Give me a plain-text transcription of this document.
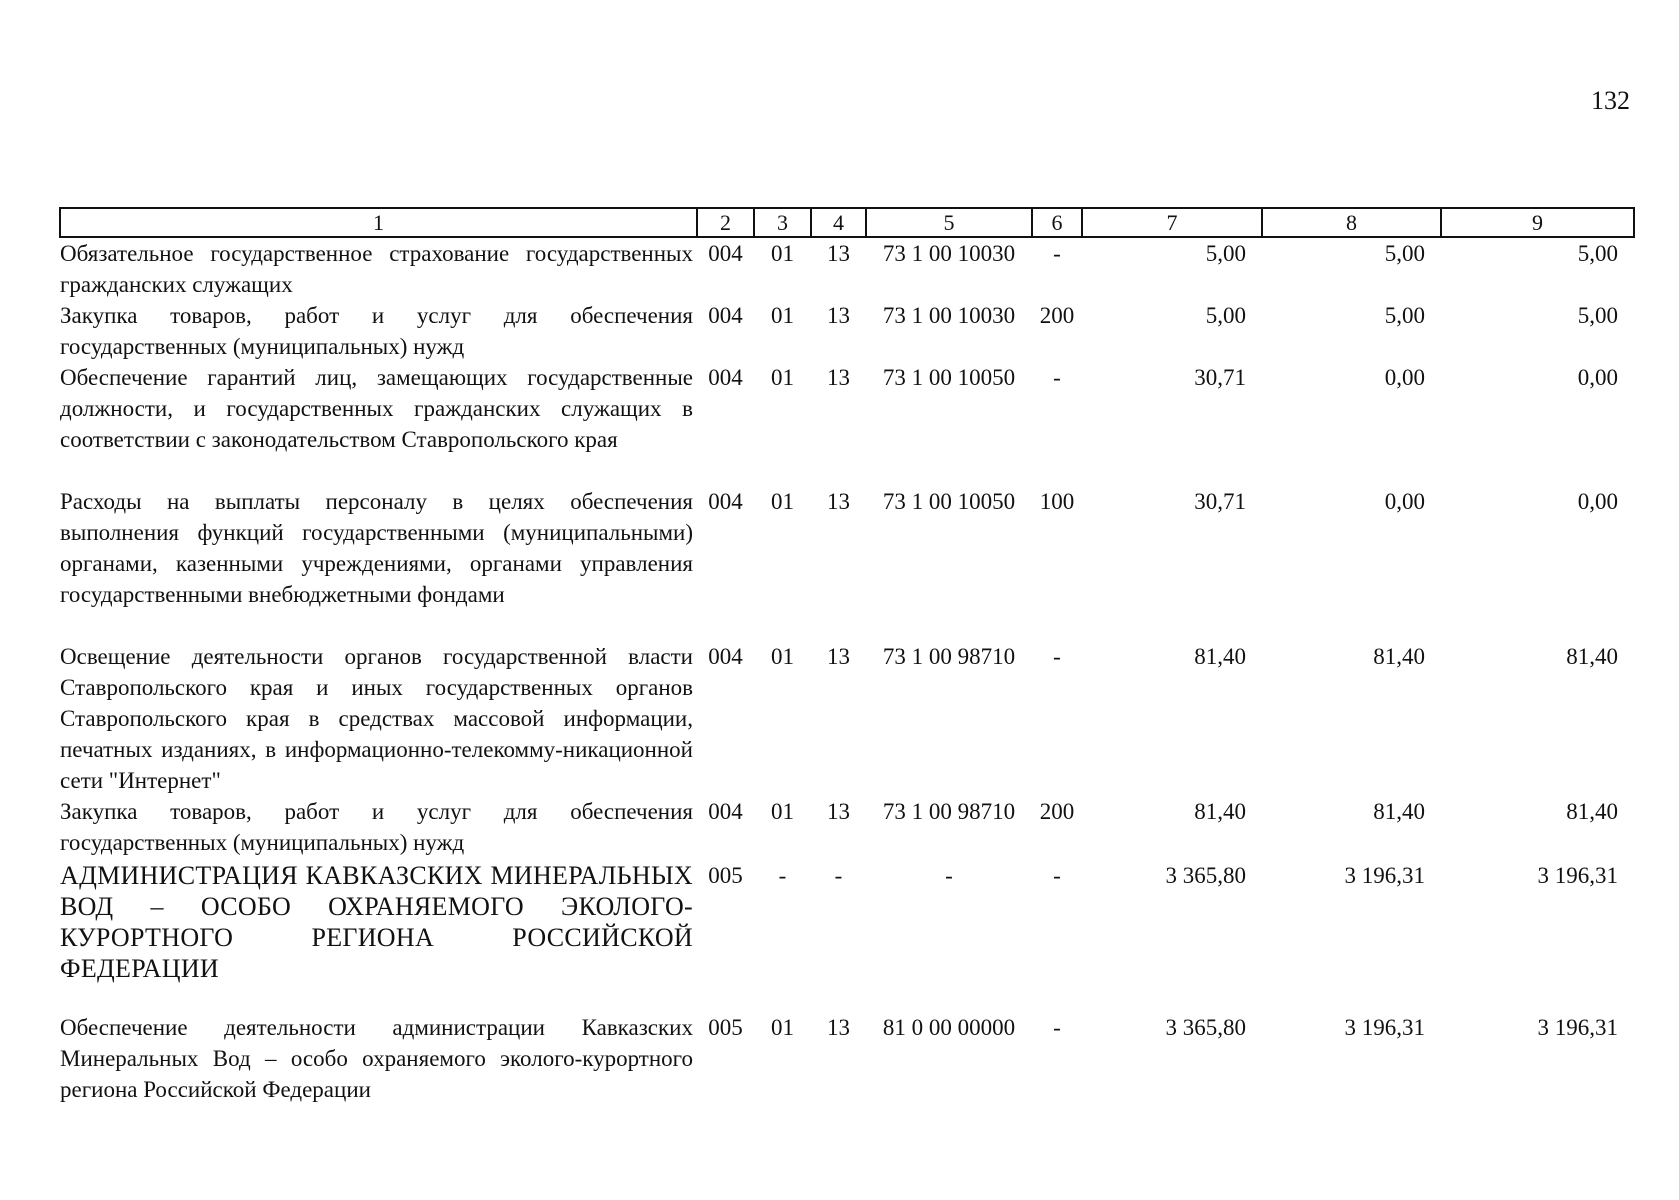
132
1	2	3	4	5	6	7	8	9
Обязательное государственное страхование государственных гражданских служащих	004	01	13	73 1 00 10030	-	5,00	5,00	5,00
Закупка товаров, работ и услуг для обеспечения государственных (муниципальных) нужд	004	01	13	73 1 00 10030	200	5,00	5,00	5,00
Обеспечение гарантий лиц, замещающих государственные должности, и государственных гражданских служащих в соответствии с законодательством Ставропольского края	004	01	13	73 1 00 10050	-	30,71	0,00	0,00
Расходы на выплаты персоналу в целях обеспечения выполнения функций государственными (муниципальными) органами, казенными учреждениями, органами управления государственными внебюджетными фондами	004	01	13	73 1 00 10050	100	30,71	0,00	0,00
Освещение деятельности органов государственной власти Ставропольского края и иных государственных органов Ставропольского края в средствах массовой информации, печатных изданиях, в информационно-телекомму-никационной сети "Интернет"	004	01	13	73 1 00 98710	-	81,40	81,40	81,40
Закупка товаров, работ и услуг для обеспечения государственных (муниципальных) нужд	004	01	13	73 1 00 98710	200	81,40	81,40	81,40
АДМИНИСТРАЦИЯ КАВКАЗСКИХ МИНЕРАЛЬНЫХ ВОД – ОСОБО ОХРАНЯЕМОГО ЭКОЛОГО-КУРОРТНОГО РЕГИОНА РОССИЙСКОЙ ФЕДЕРАЦИИ	005	-	-	-	-	3 365,80	3 196,31	3 196,31
Обеспечение деятельности администрации Кавказских Минеральных Вод – особо охраняемого эколого-курортного региона Российской Федерации	005	01	13	81 0 00 00000	-	3 365,80	3 196,31	3 196,31
